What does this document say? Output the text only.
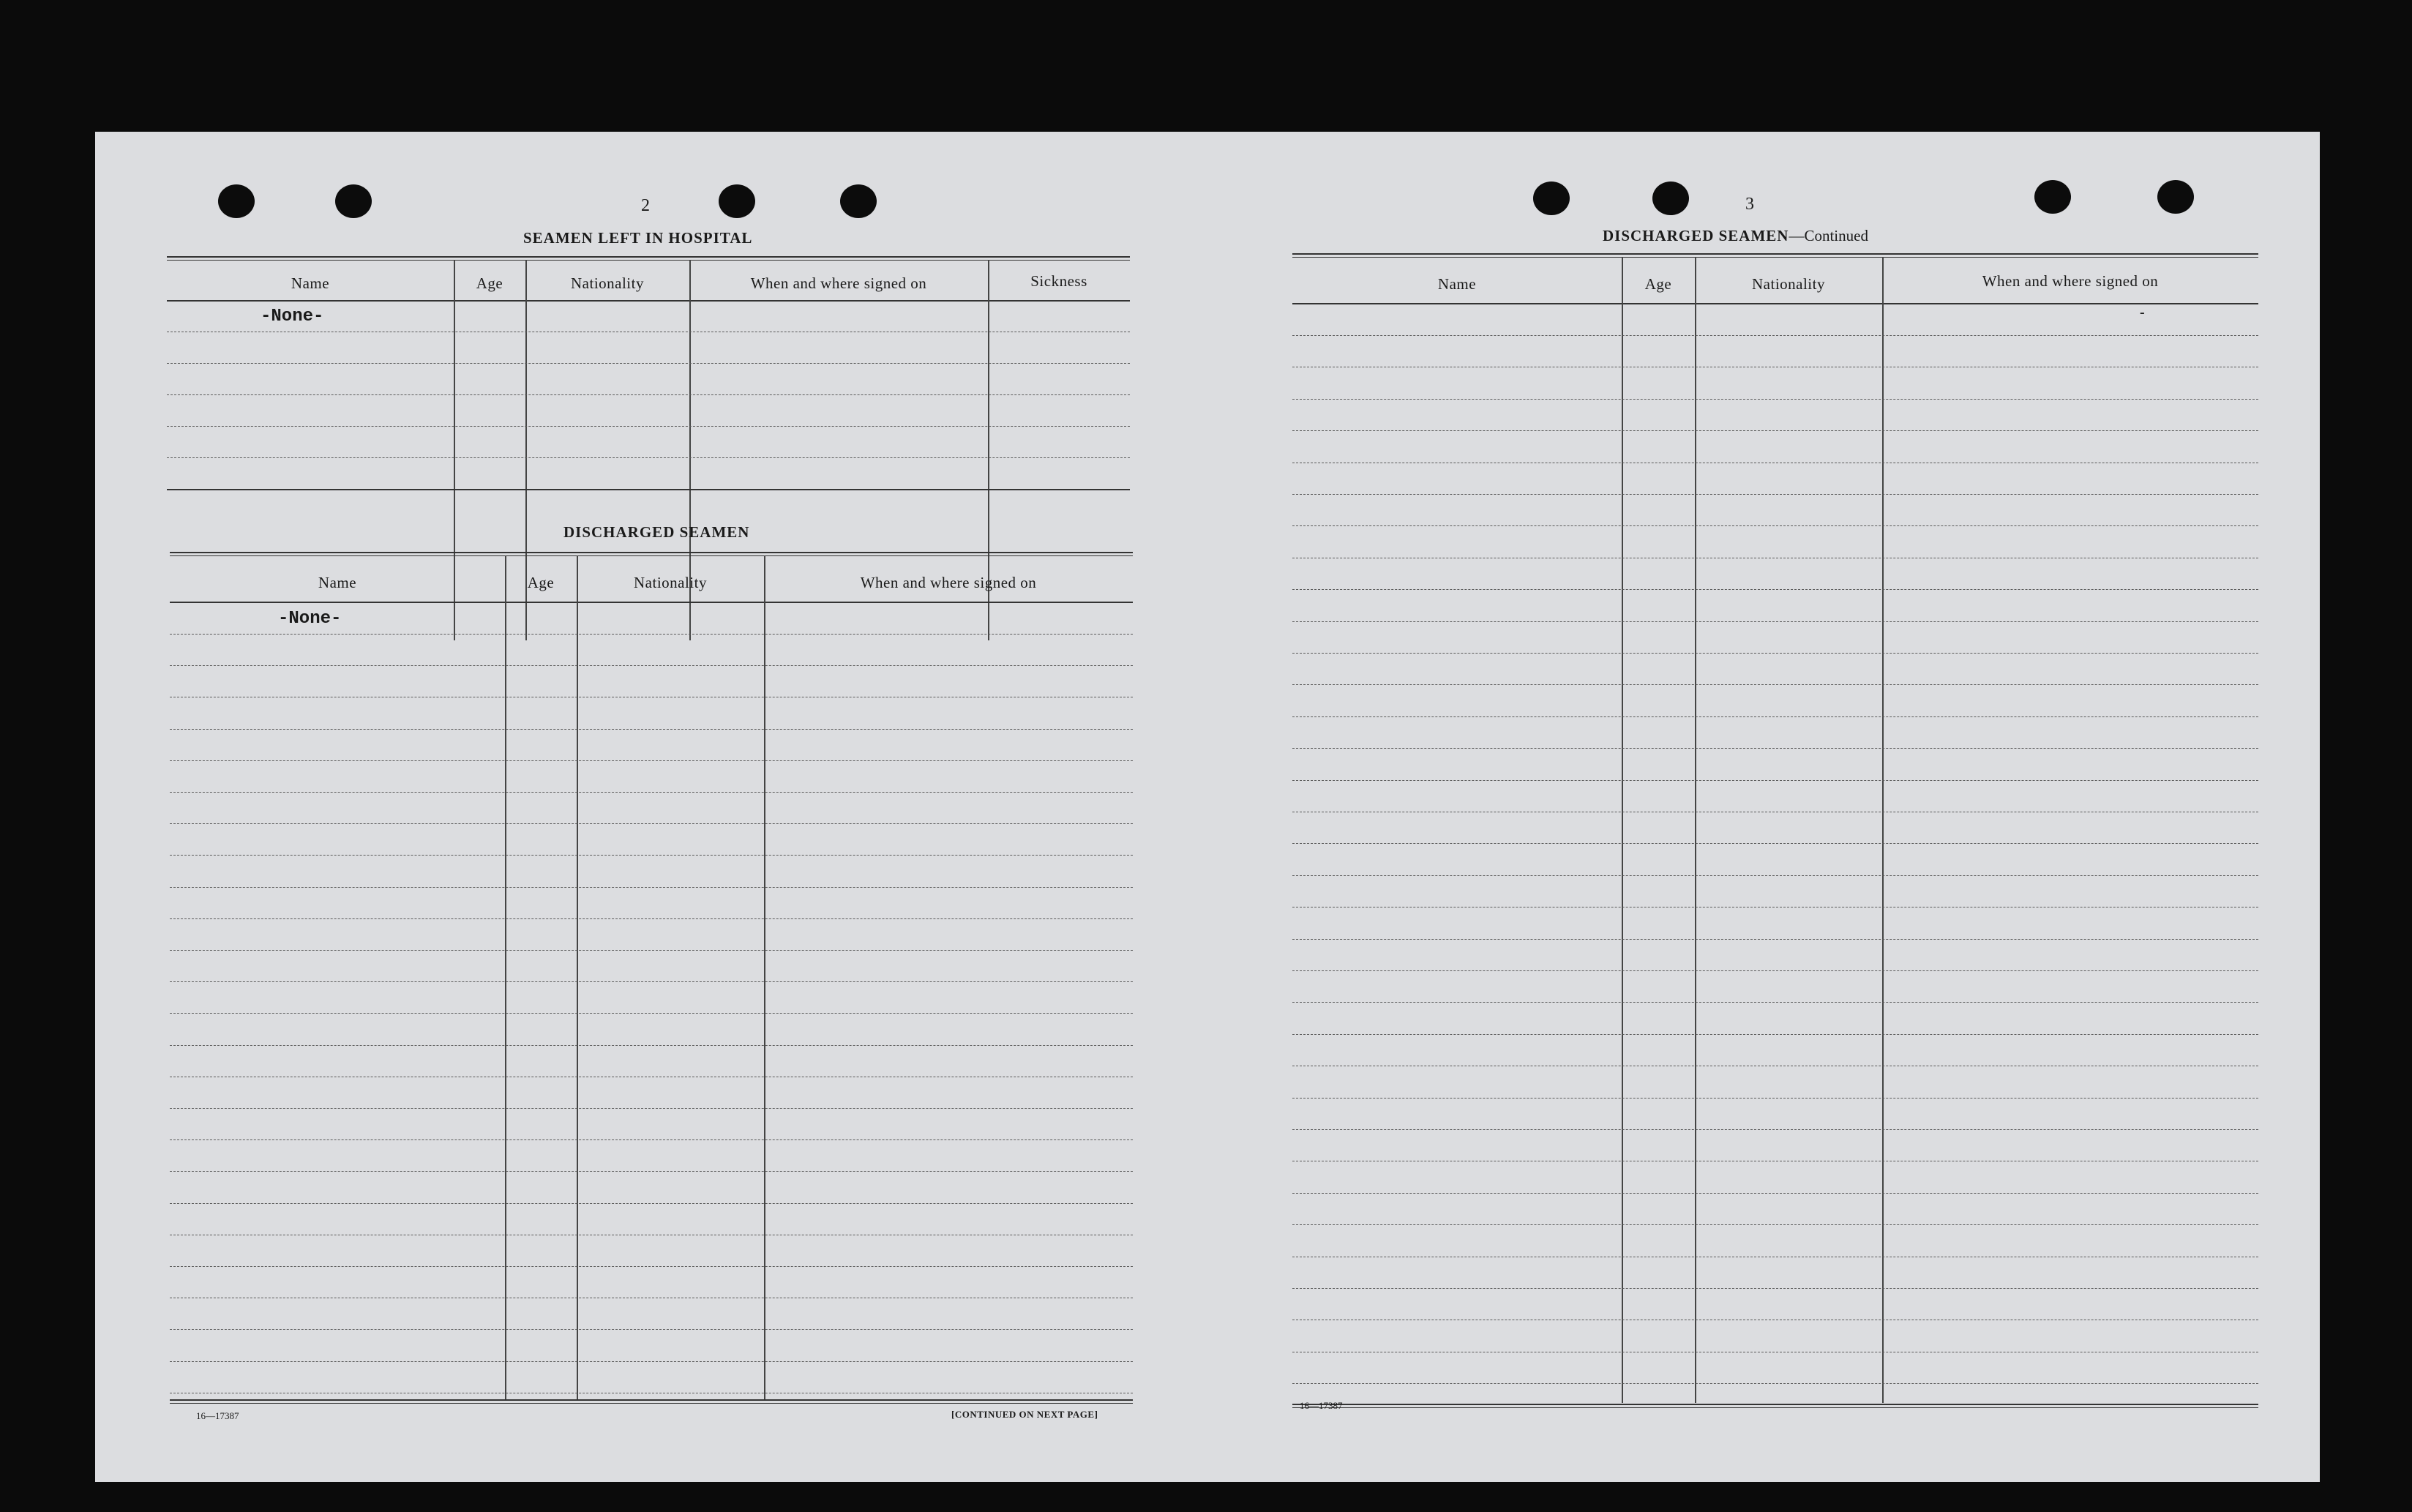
2
SEAMEN LEFT IN HOSPITAL
Name	Age	Nationality	When and where signed on	Sickness
-None-
DISCHARGED SEAMEN
Name	Age	Nationality	When and where signed on
-None-
16—17387	[CONTINUED ON NEXT PAGE]
3
DISCHARGED SEAMEN—Continued
Name	Age	Nationality	When and where signed on
-
16—17387
